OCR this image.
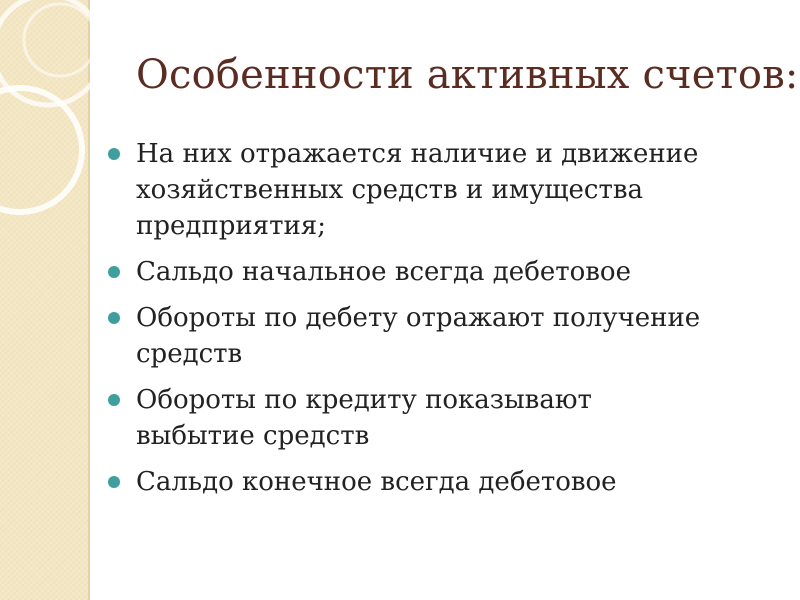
Особенности активных счетов:
На них отражается наличие и движение
хозяйственных средств и имущества
предприятия;
Сальдо начальное всегда дебетовое
Обороты по дебету отражают получение
средств
Обороты по кредиту показывают
выбытие средств
Сальдо конечное всегда дебетовое
